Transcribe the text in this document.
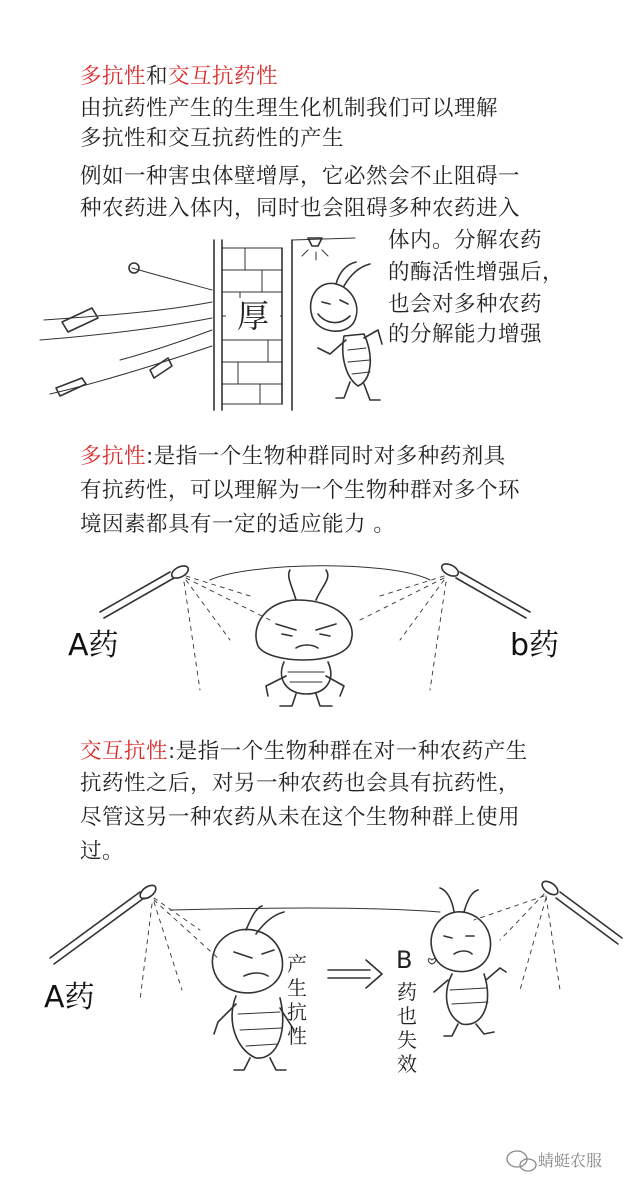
多抗性和交互抗药性
由抗药性产生的生理生化机制我们可以理解
多抗性和交互抗药性的产生
例如一种害虫体壁增厚，它必然会不止阻碍一
种农药进入体内，同时也会阻碍多种农药进入
体内。分解农药
的酶活性增强后，
也会对多种农药
的分解能力增强
厚
多抗性:是指一个生物种群同时对多种药剂具
有抗药性，可以理解为一个生物种群对多个环
境因素都具有一定的适应能力 。
A药	b药
交互抗性:是指一个生物种群在对一种农药产生
抗药性之后，对另一种农药也会具有抗药性，
尽管这另一种农药从未在这个生物种群上使用
过。
A药
产生抗性
B
药也失效
蜻蜓农服
